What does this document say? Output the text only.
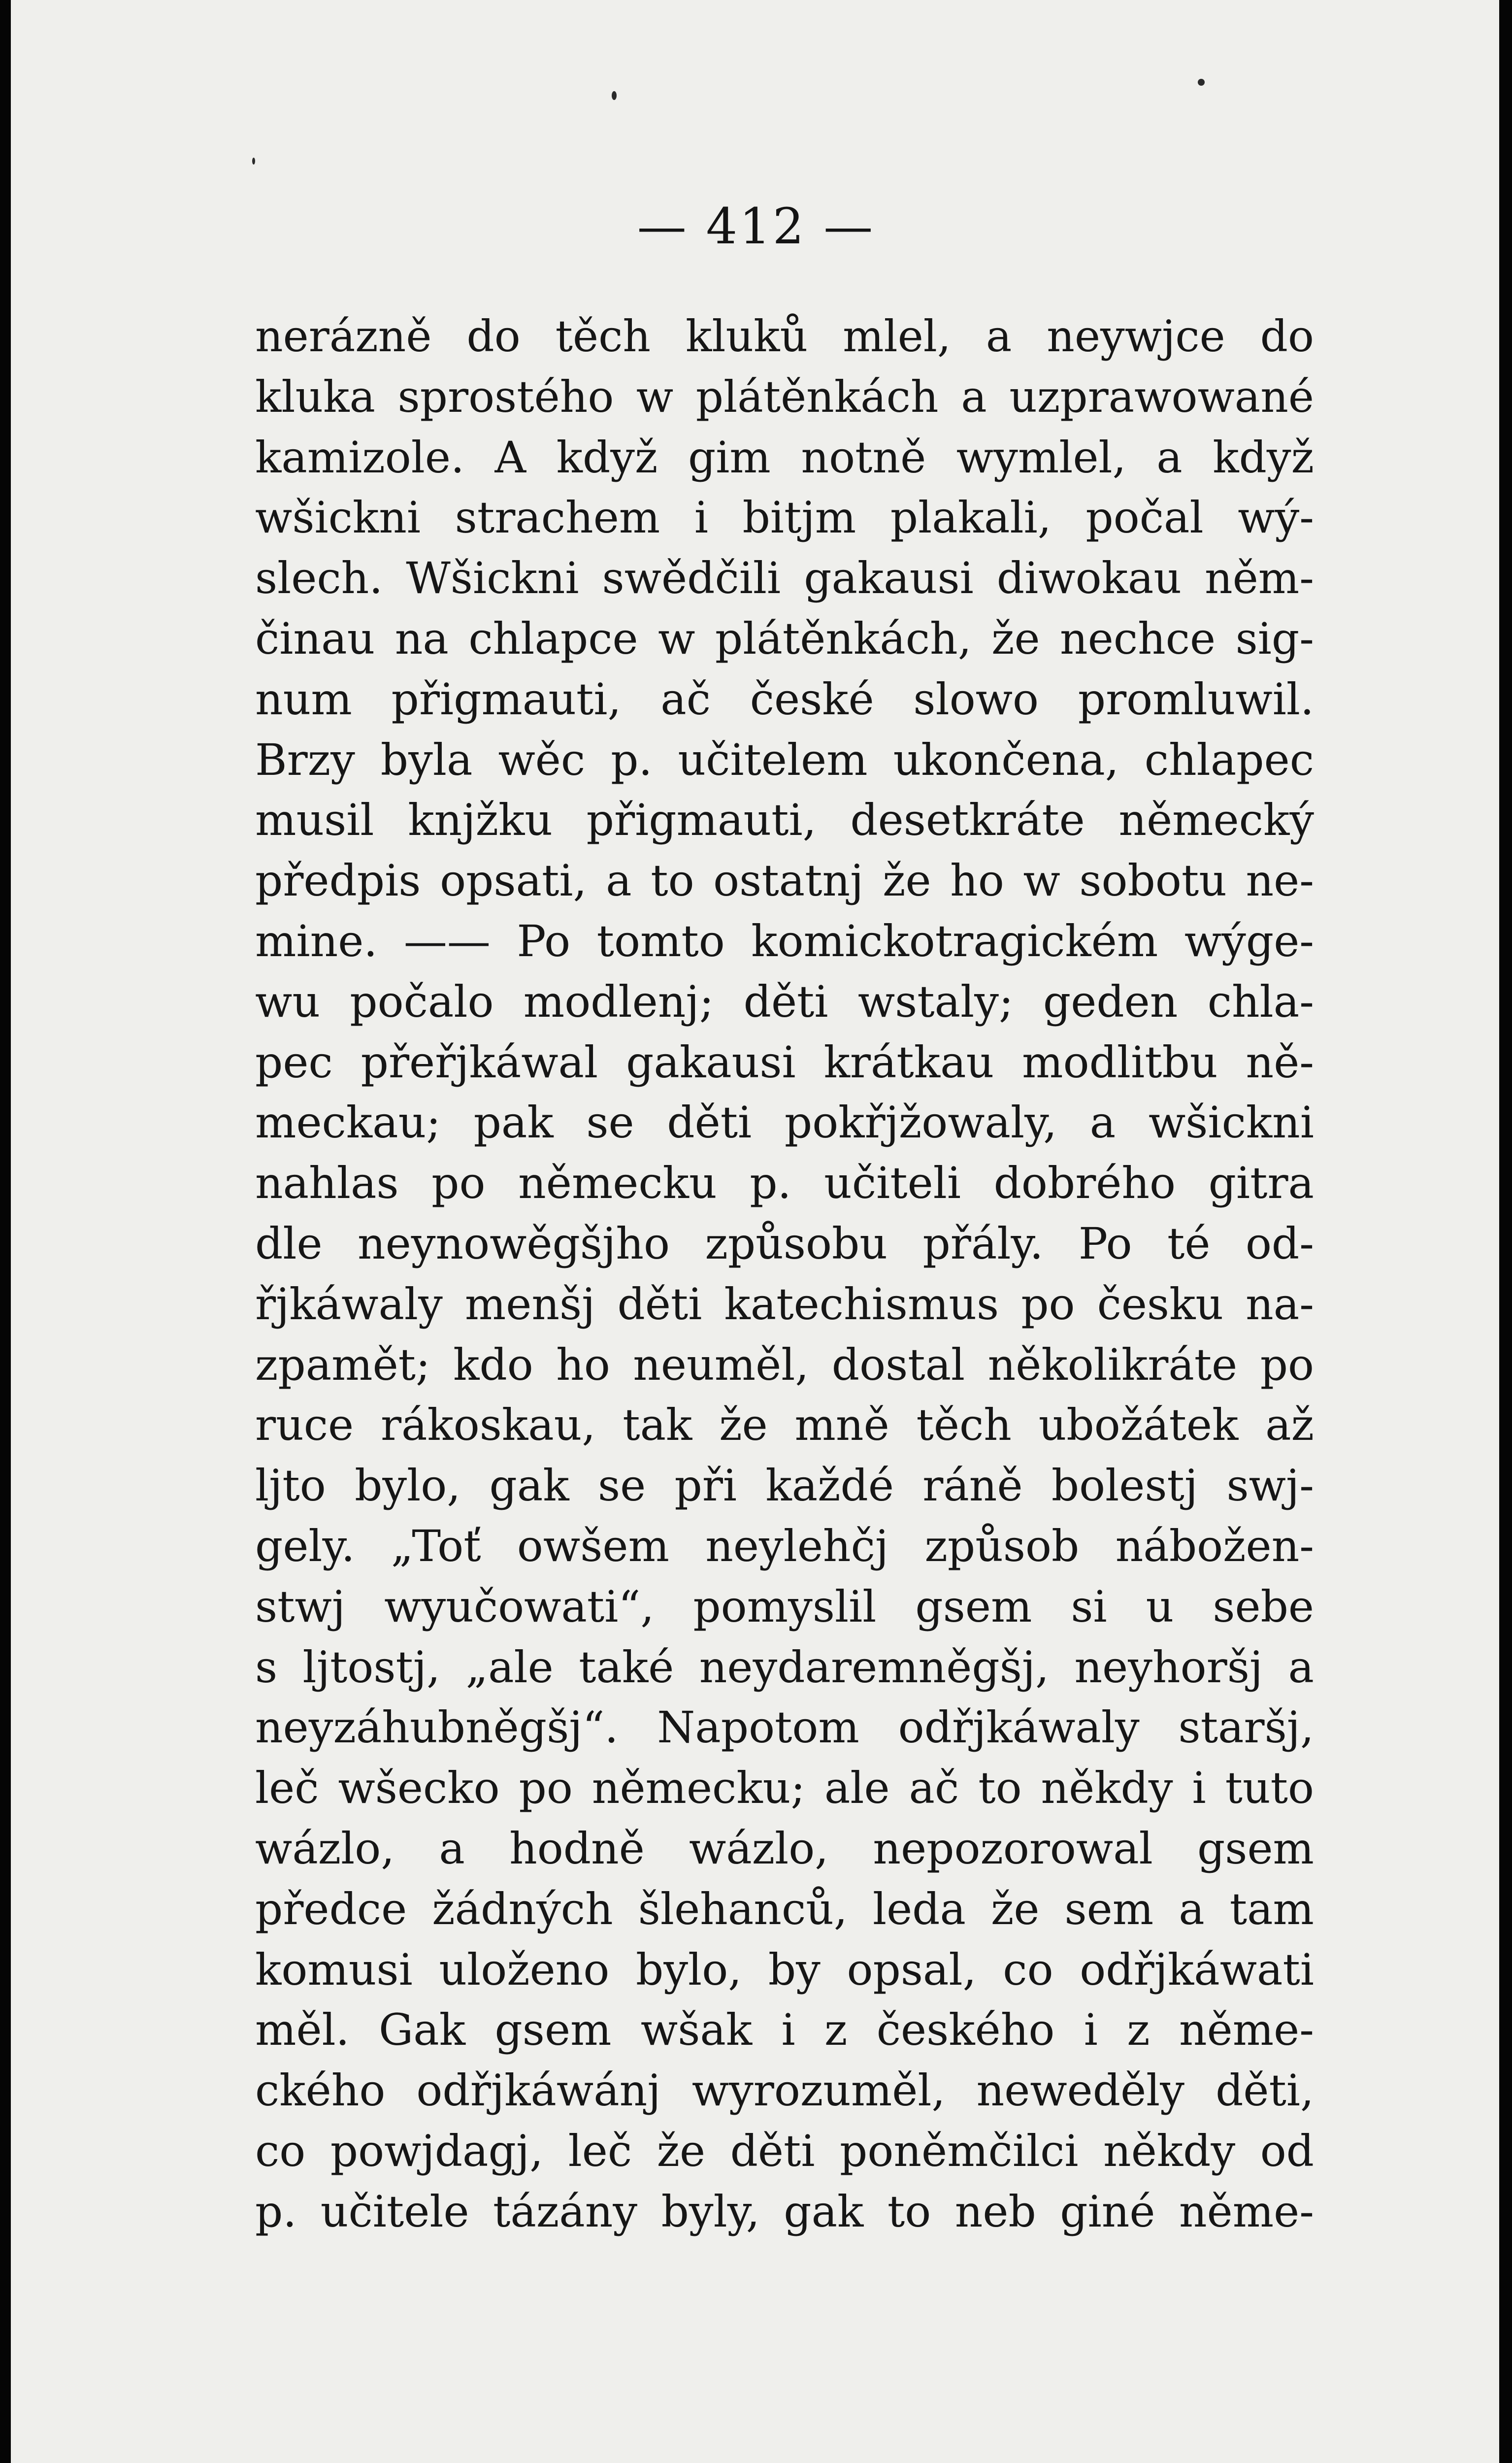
— 412 —
nerázně do těch kluků mlel, a neywjce do
kluka sprostého w plátěnkách a uzprawowané
kamizole. A když gim notně wymlel, a když
wšickni strachem i bitjm plakali, počal wý-
slech. Wšickni swědčili gakausi diwokau něm-
činau na chlapce w plátěnkách, že nechce sig-
num přigmauti, ač české slowo promluwil.
Brzy byla wěc p. učitelem ukončena, chlapec
musil knjžku přigmauti, desetkráte německý
předpis opsati, a to ostatnj že ho w sobotu ne-
mine. —— Po tomto komickotragickém wýge-
wu počalo modlenj; děti wstaly; geden chla-
pec přeřjkáwal gakausi krátkau modlitbu ně-
meckau; pak se děti pokřjžowaly, a wšickni
nahlas po německu p. učiteli dobrého gitra
dle neynowěgšjho způsobu přály. Po té od-
řjkáwaly menšj děti katechismus po česku na-
zpamět; kdo ho neuměl, dostal několikráte po
ruce rákoskau, tak že mně těch ubožátek až
ljto bylo, gak se při každé ráně bolestj swj-
gely. „Toť owšem neylehčj způsob nábožen-
stwj wyučowati“, pomyslil gsem si u sebe
s ljtostj, „ale také neydaremněgšj, neyhoršj a
neyzáhubněgšj“. Napotom odřjkáwaly staršj,
leč wšecko po německu; ale ač to někdy i tuto
wázlo, a hodně wázlo, nepozorowal gsem
předce žádných šlehanců, leda že sem a tam
komusi uloženo bylo, by opsal, co odřjkáwati
měl. Gak gsem wšak i z českého i z něme-
ckého odřjkáwánj wyrozuměl, neweděly děti,
co powjdagj, leč že děti poněmčilci někdy od
p. učitele tázány byly, gak to neb giné něme-
